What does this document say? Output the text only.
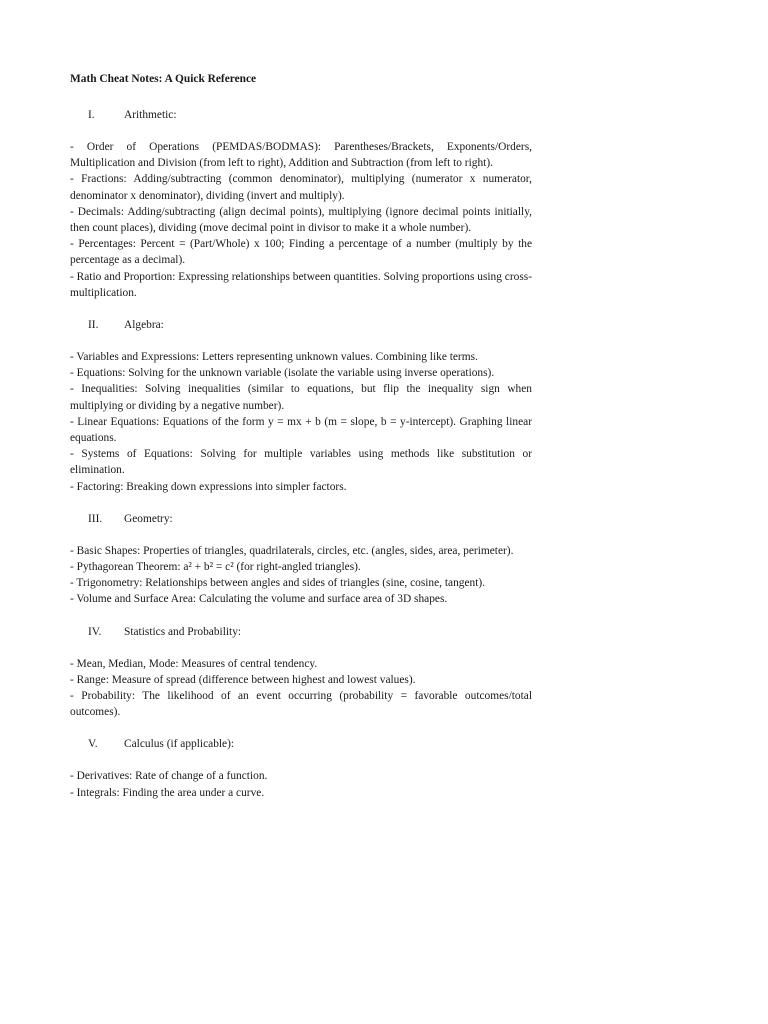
Math Cheat Notes: A Quick Reference
I.	Arithmetic:
- Order of Operations (PEMDAS/BODMAS): Parentheses/Brackets, Exponents/Orders, Multiplication and Division (from left to right), Addition and Subtraction (from left to right).
- Fractions: Adding/subtracting (common denominator), multiplying (numerator x numerator, denominator x denominator), dividing (invert and multiply).
- Decimals: Adding/subtracting (align decimal points), multiplying (ignore decimal points initially, then count places), dividing (move decimal point in divisor to make it a whole number).
- Percentages: Percent = (Part/Whole) x 100; Finding a percentage of a number (multiply by the percentage as a decimal).
- Ratio and Proportion: Expressing relationships between quantities. Solving proportions using cross-multiplication.
II.	Algebra:
- Variables and Expressions: Letters representing unknown values. Combining like terms.
- Equations: Solving for the unknown variable (isolate the variable using inverse operations).
- Inequalities: Solving inequalities (similar to equations, but flip the inequality sign when multiplying or dividing by a negative number).
- Linear Equations: Equations of the form y = mx + b (m = slope, b = y-intercept). Graphing linear equations.
- Systems of Equations: Solving for multiple variables using methods like substitution or elimination.
- Factoring: Breaking down expressions into simpler factors.
III.	Geometry:
- Basic Shapes: Properties of triangles, quadrilaterals, circles, etc. (angles, sides, area, perimeter).
- Pythagorean Theorem: a² + b² = c² (for right-angled triangles).
- Trigonometry: Relationships between angles and sides of triangles (sine, cosine, tangent).
- Volume and Surface Area: Calculating the volume and surface area of 3D shapes.
IV.	Statistics and Probability:
- Mean, Median, Mode: Measures of central tendency.
- Range: Measure of spread (difference between highest and lowest values).
- Probability: The likelihood of an event occurring (probability = favorable outcomes/total outcomes).
V.	Calculus (if applicable):
- Derivatives: Rate of change of a function.
- Integrals: Finding the area under a curve.
